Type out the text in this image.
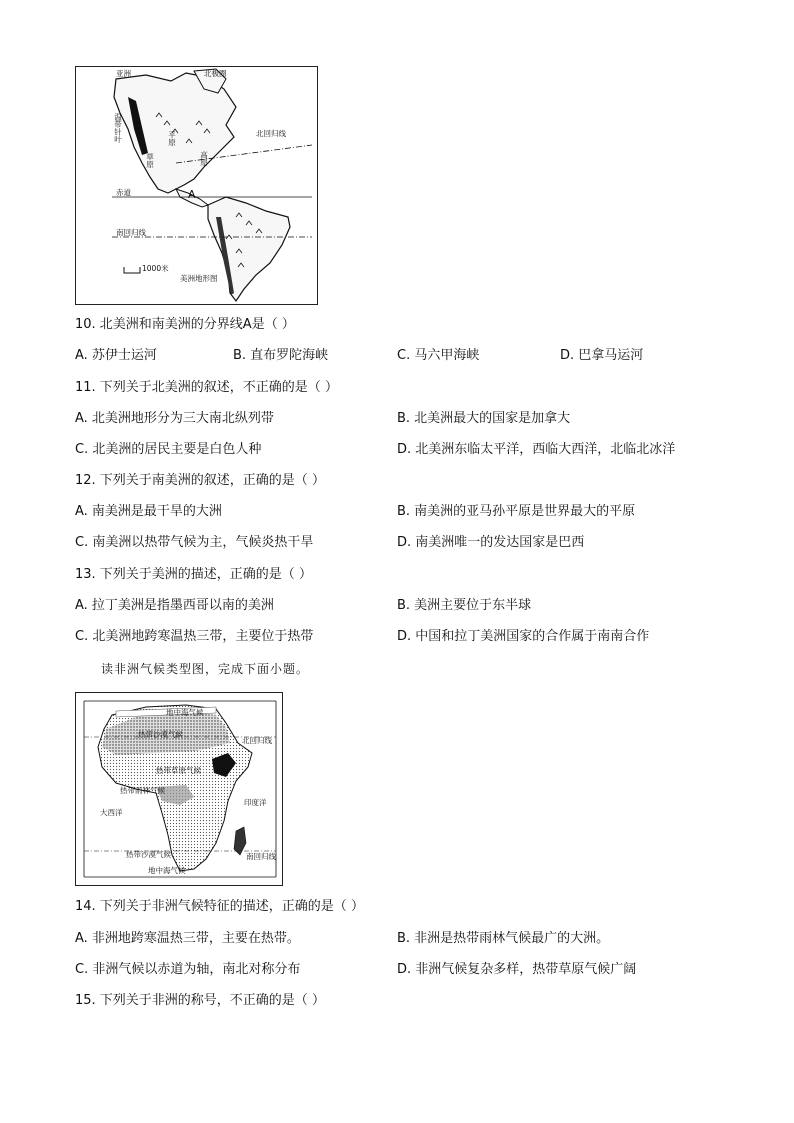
亚洲	北极圈
北回归线
赤道
南回归线
1000米
美洲地形图
A
温带针叶	平原
高原
草原
10. 北美洲和南美洲的分界线A是（ ）
A. 苏伊士运河	B. 直布罗陀海峡	C. 马六甲海峡	D. 巴拿马运河
11. 下列关于北美洲的叙述，不正确的是（ ）
A. 北美洲地形分为三大南北纵列带	B. 北美洲最大的国家是加拿大
C. 北美洲的居民主要是白色人种	D. 北美洲东临太平洋，西临大西洋，北临北冰洋
12. 下列关于南美洲的叙述，正确的是（ ）
A. 南美洲是最干旱的大洲	B. 南美洲的亚马孙平原是世界最大的平原
C. 南美洲以热带气候为主，气候炎热干旱	D. 南美洲唯一的发达国家是巴西
13. 下列关于美洲的描述，正确的是（ ）
A. 拉丁美洲是指墨西哥以南的美洲	B. 美洲主要位于东半球
C. 北美洲地跨寒温热三带，主要位于热带	D. 中国和拉丁美洲国家的合作属于南南合作
读非洲气候类型图，完成下面小题。
地中海气候
热带沙漠气候
北回归线
热带草原气候
热带雨林气候
大西洋
印度洋
南回归线
热带沙漠气候
地中海气候
14. 下列关于非洲气候特征的描述，正确的是（ ）
A. 非洲地跨寒温热三带，主要在热带。	B. 非洲是热带雨林气候最广的大洲。
C. 非洲气候以赤道为轴，南北对称分布	D. 非洲气候复杂多样，热带草原气候广阔
15. 下列关于非洲的称号，不正确的是（ ）
